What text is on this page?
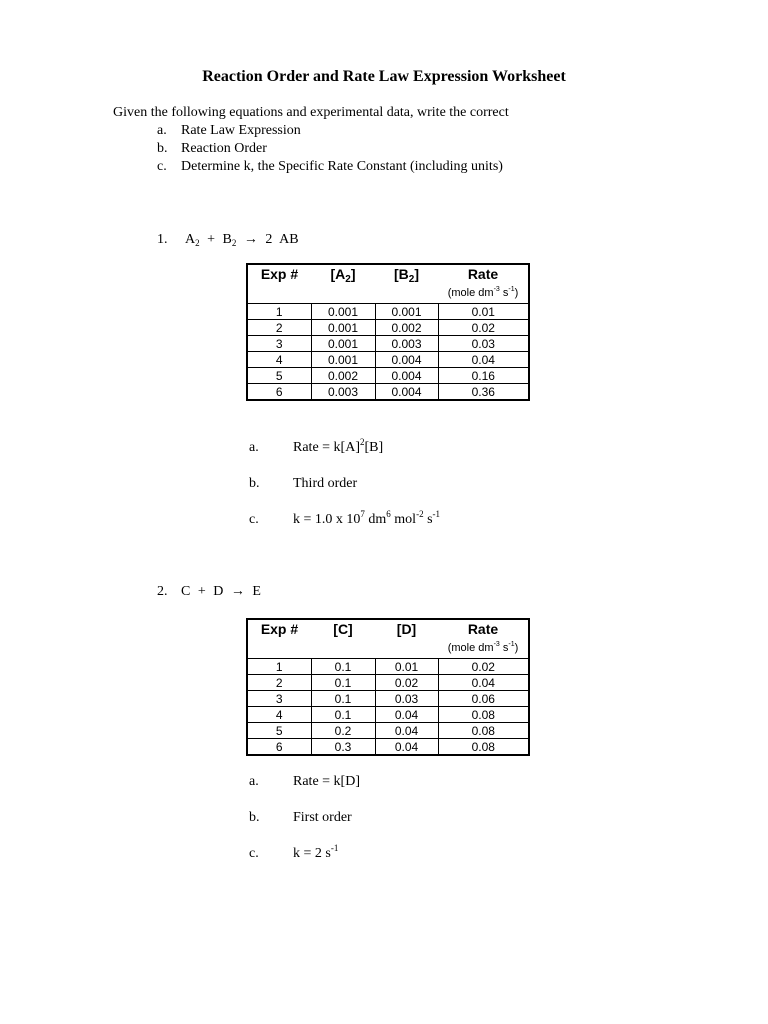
Reaction Order and Rate Law Expression Worksheet
Given the following equations and experimental data, write the correct
a. Rate Law Expression
b. Reaction Order
c. Determine k, the Specific Rate Constant (including units)
1. $A_2 + B_2 \to 2$ AB
Exp #	$[A_2]$	$[B_2]$	Rate
(mole $dm^{-3}$ $s^{-1}$)

1	0.001	0.001	0.01
2	0.001	0.002	0.02
3	0.001	0.003	0.03
4	0.001	0.004	0.04
5	0.002	0.004	0.16
6	0.003	0.004	0.36
a. Rate = $k[A]^2[B]$
b. Third order
c. k = 1.0 x $10^7$ $dm^6$ mol$^{-2}$ $s^{-1}$
2. C + D → E
Exp #	[C]	[D]	Rate
(mole $dm^{-3}$ $s^{-1}$)

1	0.1	0.01	0.02
2	0.1	0.02	0.04
3	0.1	0.03	0.06
4	0.1	0.04	0.08
5	0.2	0.04	0.08
6	0.3	0.04	0.08
a. Rate = k[D]
b. First order
c. k = 2 $s^{-1}$
